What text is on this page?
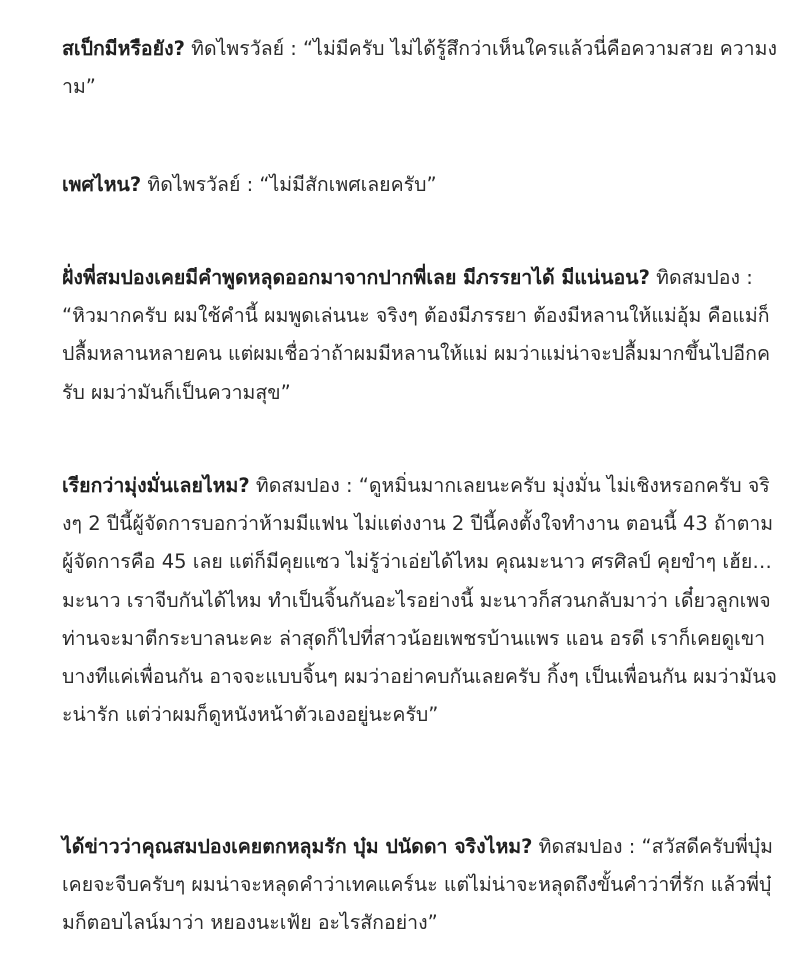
สเป็กมีหรือยัง? ทิดไพรวัลย์ : “ไม่มีครับ ไม่ได้รู้สึกว่าเห็นใครแล้วนี่คือความสวย ความงาม”

เพศไหน? ทิดไพรวัลย์ : “ไม่มีสักเพศเลยครับ”

ฝั่งพี่สมปองเคยมีคำพูดหลุดออกมาจากปากพี่เลย มีภรรยาได้ มีแน่นอน? ทิดสมปอง : “หิวมากครับ ผมใช้คำนี้ ผมพูดเล่นนะ จริงๆ ต้องมีภรรยา ต้องมีหลานให้แม่อุ้ม คือแม่ก็ปลื้มหลานหลายคน แต่ผมเชื่อว่าถ้าผมมีหลานให้แม่ ผมว่าแม่น่าจะปลื้มมากขึ้นไปอีกครับ ผมว่ามันก็เป็นความสุข”

เรียกว่ามุ่งมั่นเลยไหม? ทิดสมปอง : “ดูหมิ่นมากเลยนะครับ มุ่งมั่น ไม่เชิงหรอกครับ จริงๆ 2 ปีนี้ผู้จัดการบอกว่าห้ามมีแฟน ไม่แต่งงาน 2 ปีนี้คงตั้งใจทำงาน ตอนนี้ 43 ถ้าตามผู้จัดการคือ 45 เลย แต่ก็มีคุยแซว ไม่รู้ว่าเอ่ยได้ไหม คุณมะนาว ศรศิลป์ คุยขำๆ เฮ้ย…มะนาว เราจีบกันได้ไหม ทำเป็นจิ้นกันอะไรอย่างนี้ มะนาวก็สวนกลับมาว่า เดี๋ยวลูกเพจท่านจะมาตีกระบาลนะคะ ล่าสุดก็ไปที่สาวน้อยเพชรบ้านแพร แอน อรดี เราก็เคยดูเขา บางทีแค่เพื่อนกัน อาจจะแบบจิ้นๆ ผมว่าอย่าคบกันเลยครับ กิ้งๆ เป็นเพื่อนกัน ผมว่ามันจะน่ารัก แต่ว่าผมก็ดูหนังหน้าตัวเองอยู่นะครับ”

ได้ข่าวว่าคุณสมปองเคยตกหลุมรัก บุ๋ม ปนัดดา จริงไหม? ทิดสมปอง : “สวัสดีครับพี่บุ๋ม เคยจะจีบครับๆ ผมน่าจะหลุดคำว่าเทคแคร์นะ แต่ไม่น่าจะหลุดถึงขั้นคำว่าที่รัก แล้วพี่บุ๋มก็ตอบไลน์มาว่า หยองนะเฟ้ย อะไรสักอย่าง”
